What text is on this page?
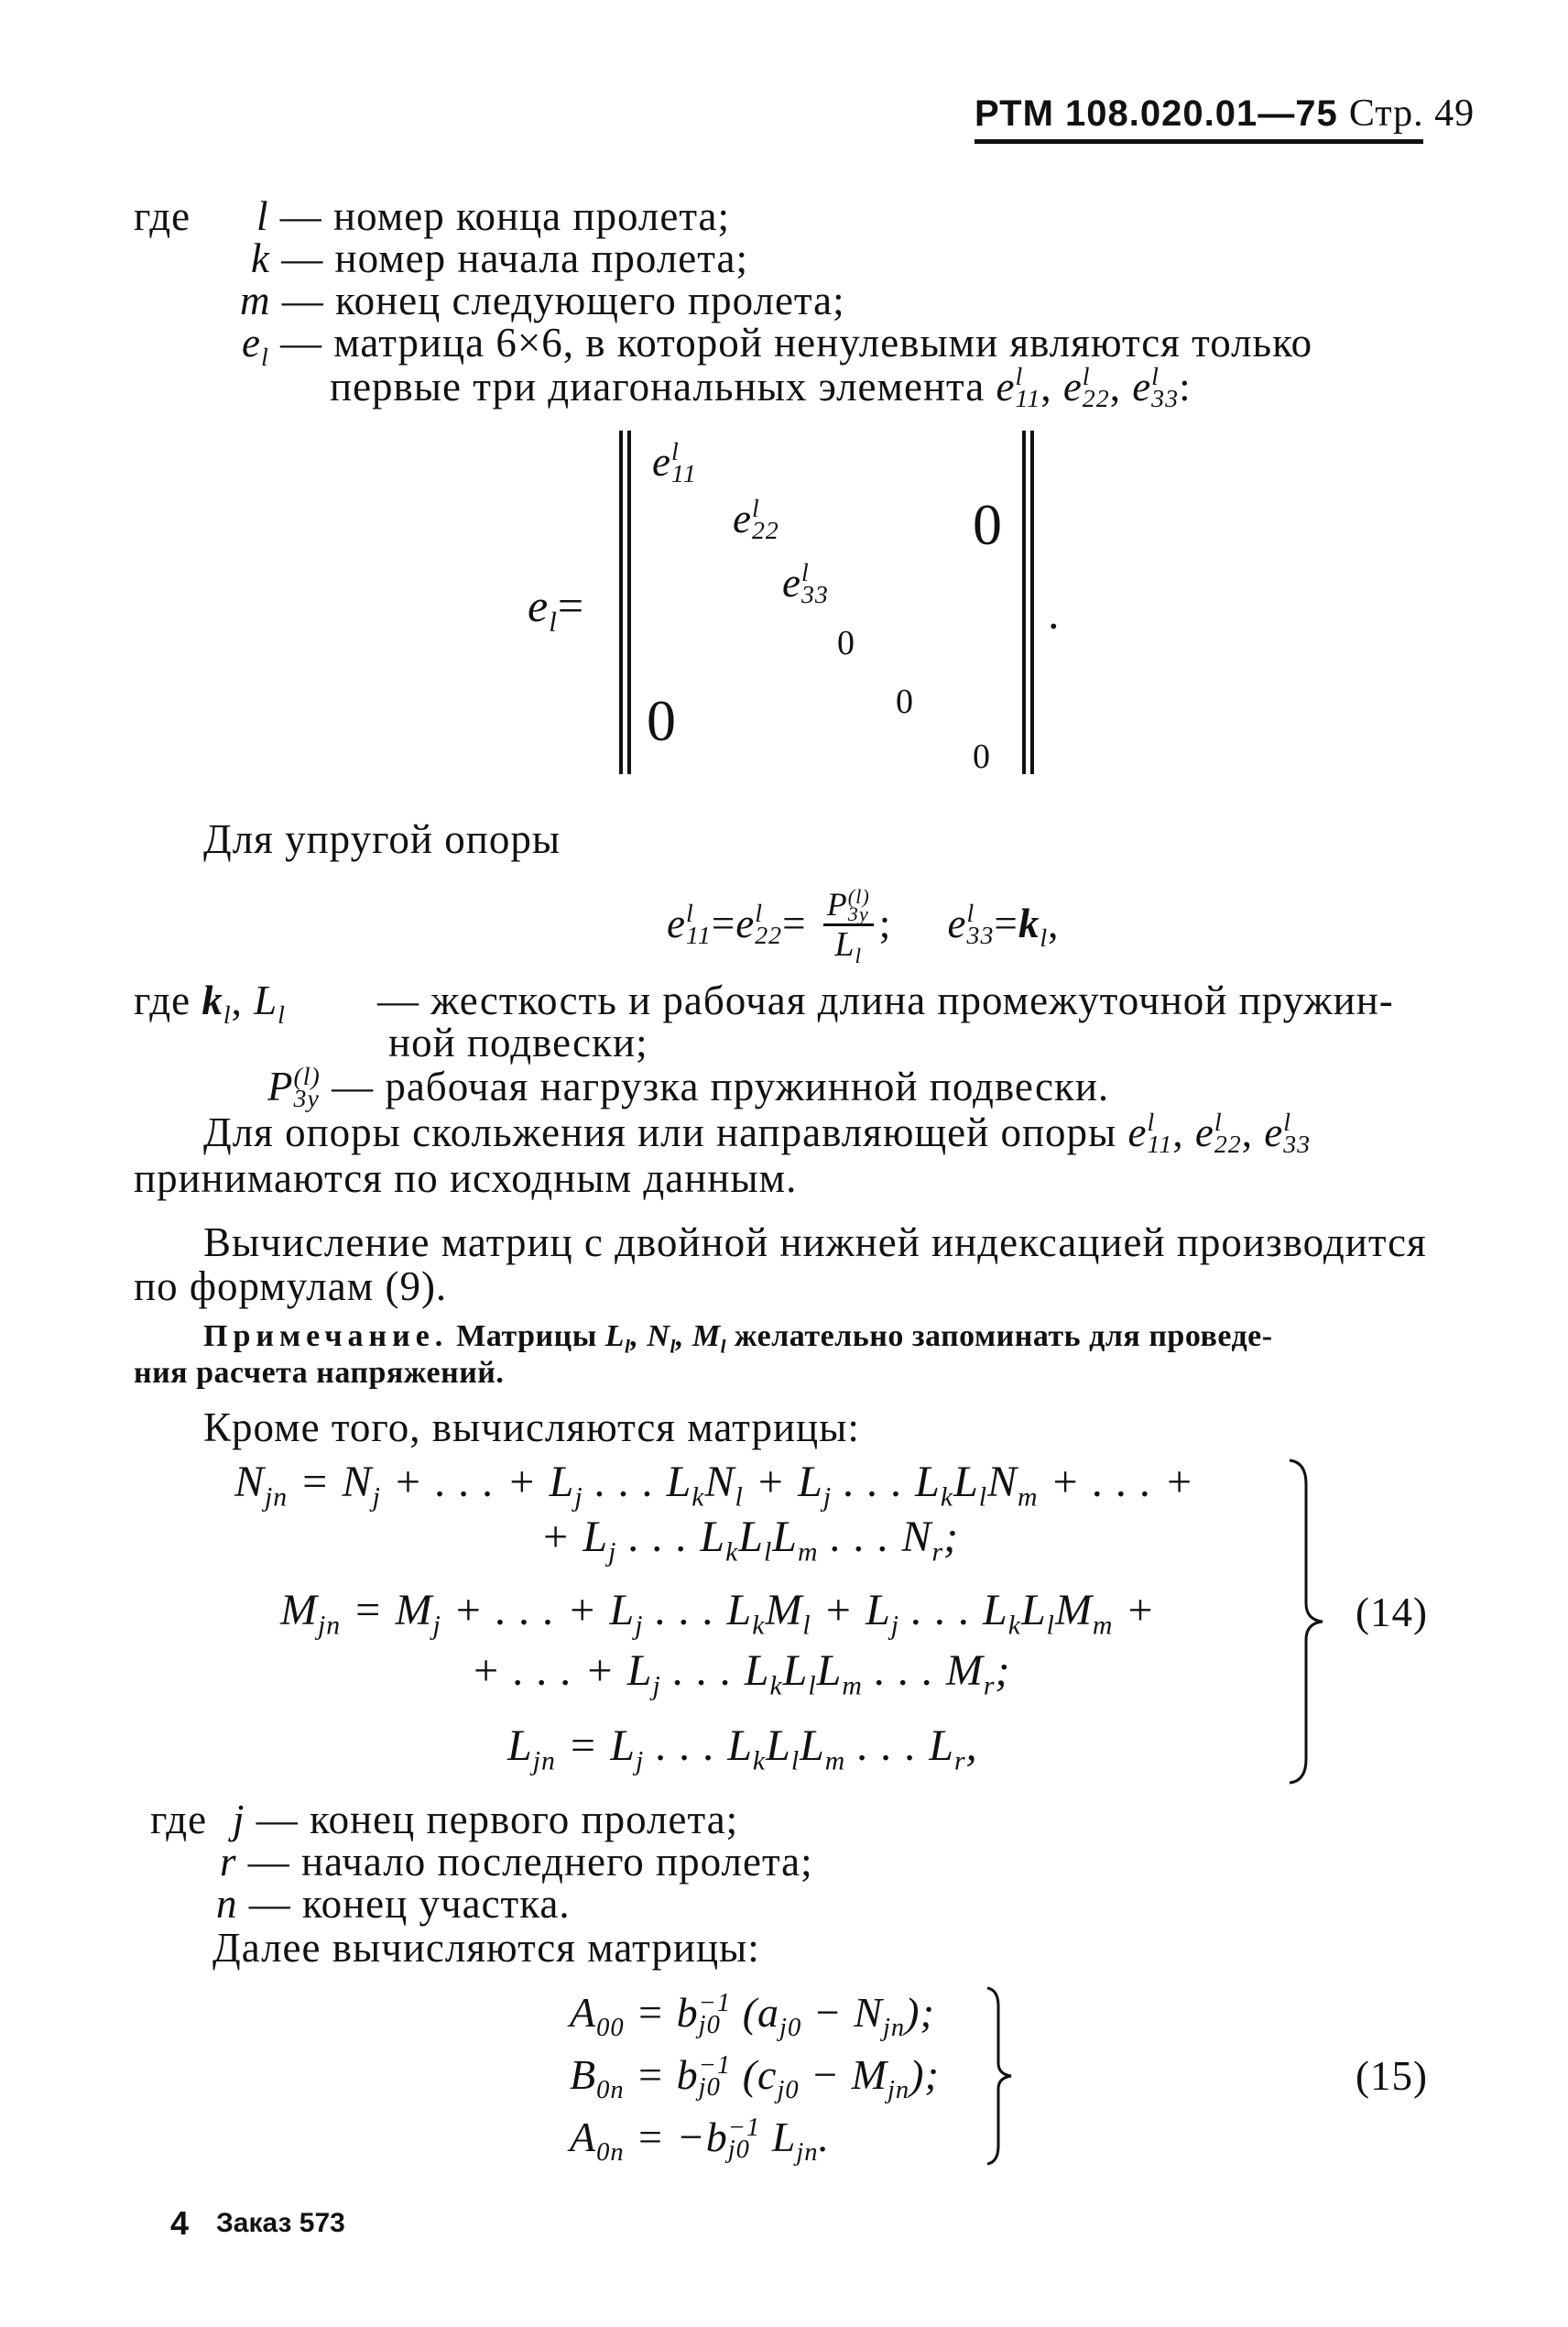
РТМ 108.020.01—75 Стр. 49
где l — номер конца пролета;
k — номер начала пролета;
m — конец следующего пролета;
$e_l$ — матрица 6×6, в которой ненулевыми являются только
первые три диагональных элемента e l
11 , e l
22 , e l
33 :
$e_l=$
e l
11
e l
22
e l
33
0
0
0
0
0
.
Для упругой опоры
e l
11 =e l
22 = P (l)
3y
$L_l$ ;     e l
$33 =k_l$,
где $k_l$, $L_l$ — жесткость и рабочая длина промежуточной пружин-
ной подвески;
P (l)
3y — рабочая нагрузка пружинной подвески.
Для опоры скольжения или направляющей опоры e l
11 , e l
22 , e l
33
принимаются по исходным данным.
Вычисление матриц с двойной нижней индексацией производится
по формулам (9).
Примечание. Матрицы $L_l$, $N_l$, $M_l$ желательно запоминать для проведе-
ния расчета напряжений.
Кроме того, вычисляются матрицы:
$N_{jn} = N_j$ + . . . + $L_j$ . . . $L_kN_l + L_j$ . . . $L_kL_lN_m$ + . . . +
+ $L_j$ . . . $L_kL_lL_m$ . . . $N_r$;
$M_{jn} = M_j$ + . . . + $L_j$ . . . $L_kM_l + L_j$ . . . $L_kL_lM_m$ +
+ . . . + $L_j$ . . . $L_kL_lL_m$ . . . $M_r$;
$L_{jn} = L_j$ . . . $L_kL_lL_m$ . . . $L_r$,
(14)
где j — конец первого пролета;
r — начало последнего пролета;
n — конец участка.
Далее вычисляются матрицы:
$A_{00} = b -1$
j0 $(a_{j0} - N_{jn})$;
$B_{0n} = b -1$
j0 $(c_{j0} - M_{jn})$;
$A_{0n} = -b -1$
j0 $L_{jn}$.
(15)
4 Заказ 573
